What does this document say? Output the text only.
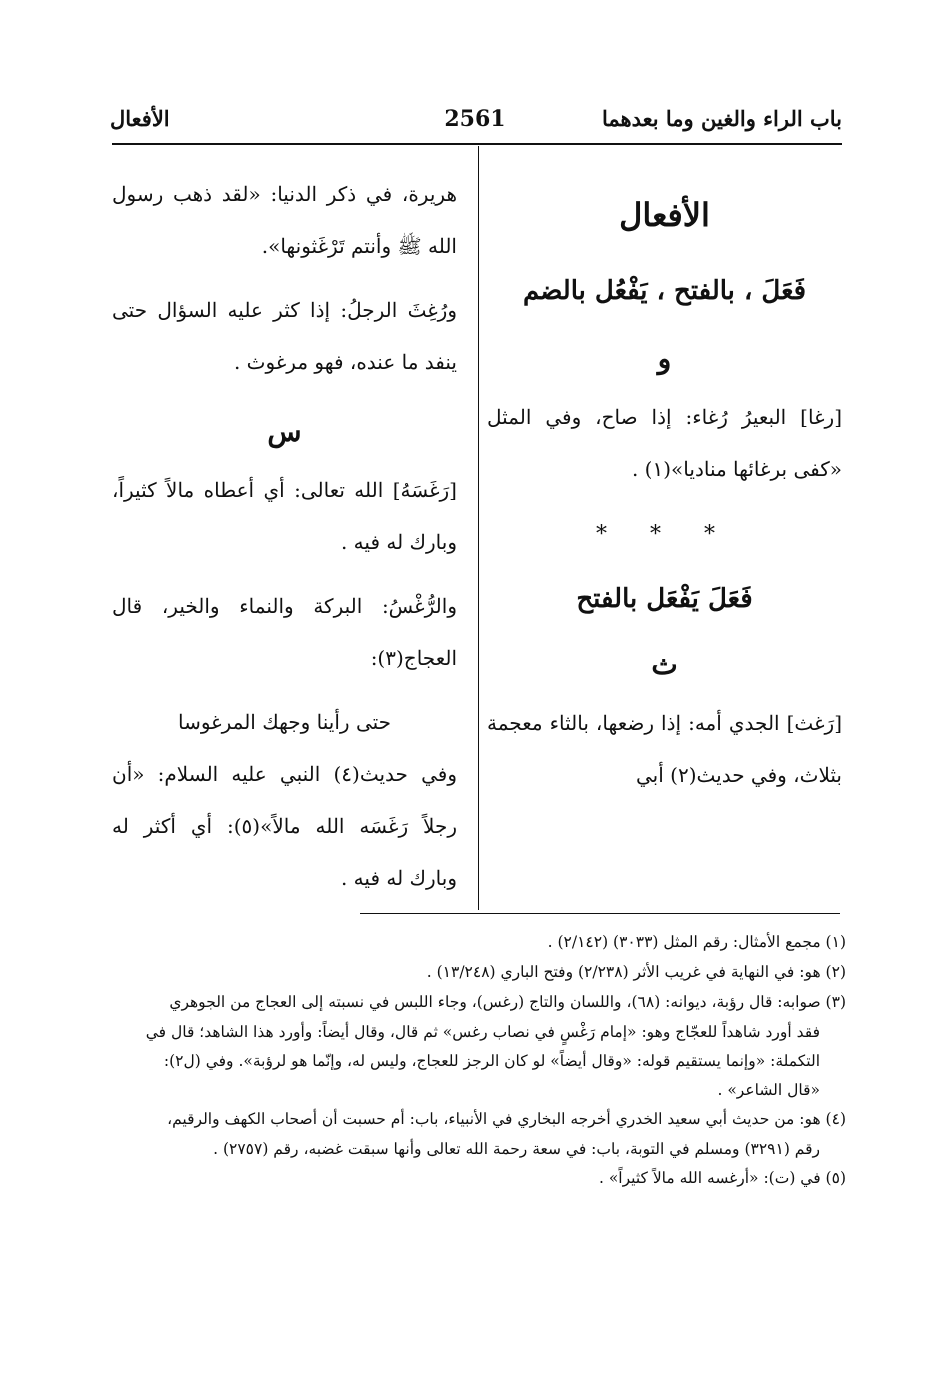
باب الراء والغين وما بعدهما
2561
الأفعال
الأفعال
فَعَلَ ، بالفتح ، يَفْعُل بالضم
و

[رغا] البعيرُ رُغاء: إذا صاح، وفي المثل «كفى برغائها مناديا»(١) .

* * *
فَعَلَ يَفْعَل بالفتح
ث

[رَغث] الجدي أمه: إذا رضعها، بالثاء معجمة بثلاث، وفي حديث(٢) أبي

هريرة، في ذكر الدنيا: «لقد ذهب رسول الله ﷺ وأنتم تَرْغَثونها».

ورُغِثَ الرجلُ: إذا كثر عليه السؤال حتى ينفد ما عنده، فهو مرغوث .

س

[رَغَسَهُ] الله تعالى: أي أعطاه مالاً كثيراً، وبارك له فيه .

والرُّغْسُ: البركة والنماء والخير، قال العجاج(٣):

حتى رأينا وجهك المرغوسا

وفي حديث(٤) النبي عليه السلام: «أن رجلاً رَغَسَه الله مالاً»(٥): أي أكثر له وبارك له فيه .

(١) مجمع الأمثال: رقم المثل (٣٠٣٣) (٢/١٤٢) .

(٢) هو: في النهاية في غريب الأثر (٢/٢٣٨) وفتح الباري (١٣/٢٤٨) .

(٣) صوابه: قال رؤبة، ديوانه: (٦٨)، واللسان والتاج (رغس)، وجاء اللبس في نسبته إلى العجاج من الجوهري

فقد أورد شاهداً للعجّاج وهو: «إمام رَغْسٍ في نصاب رغس» ثم قال، وقال أيضاً: وأورد هذا الشاهد؛ قال في

التكملة: «وإنما يستقيم قوله: «وقال أيضاً» لو كان الرجز للعجاج، وليس له، وإنّما هو لرؤبة». وفي (ل٢):

«قال الشاعر» .

(٤) هو: من حديث أبي سعيد الخدري أخرجه البخاري في الأنبياء، باب: أم حسبت أن أصحاب الكهف والرقيم،

رقم (٣٢٩١) ومسلم في التوبة، باب: في سعة رحمة الله تعالى وأنها سبقت غضبه، رقم (٢٧٥٧) .

(٥) في (ت): «أرغسه الله مالاً كثيراً» .
